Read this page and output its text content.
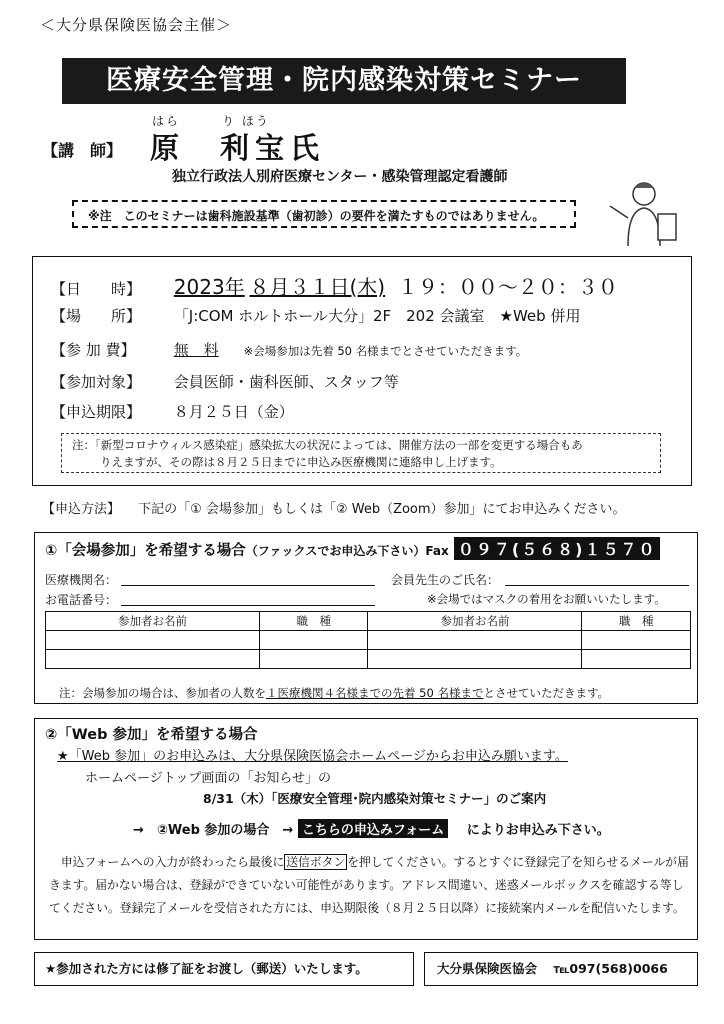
＜大分県保険医協会主催＞
医療安全管理・院内感染対策セミナー
はら	り ほう
【講　師】 原　利宝氏
独立行政法人別府医療センター・感染管理認定看護師
※注　このセミナーは歯科施設基準（歯初診）の要件を満たすものではありません。
【日　　時】 2023年 ８月３１日(木) １９：００～２０：３０
【場　　所】 「J:COM ホルトホール大分」2F　202 会議室　★Web 併用
【参 加 費】	無　料 ※会場参加は先着 50 名様までとさせていただきます。
【参加対象】 会員医師・歯科医師、スタッフ等
【申込期限】 ８月２５日（金）
注：「新型コロナウィルス感染症」感染拡大の状況によっては、開催方法の一部を変更する場合もあ
りえますが、その際は８月２５日までに申込み医療機関に連絡申し上げます。
【申込方法】 下記の「① 会場参加」もしくは「② Web（Zoom）参加」にてお申込みください。
①「会場参加」を希望する場合（ファックスでお申込み下さい）Fax ０９７(５６８)１５７０
医療機関名：	会員先生のご氏名：
お電話番号：	※会場ではマスクの着用をお願いいたします。
参加者お名前	職　種	参加者お名前	職　種

注：会場参加の場合は、参加者の人数を１医療機関４名様までの先着 50 名様までとさせていただきます。
②「Web 参加」を希望する場合
★「Web 参加」のお申込みは、大分県保険医協会ホームページからお申込み願います。
ホームページトップ画面の「お知らせ」の
8/31（木）「医療安全管理･院内感染対策セミナー」のご案内
→　②Web 参加の場合　→ こちらの申込みフォーム によりお申込み下さい。
　申込フォームへの入力が終わったら最後に 送信ボタン を押してください。するとすぐに登録完了を知らせるメールが届きます。届かない場合は、登録ができていない可能性があります。アドレス間違い、迷惑メールボックスを確認する等してください。登録完了メールを受信された方には、申込期限後（８月２５日以降）に接続案内メールを配信いたします。
★参加された方には修了証をお渡し（郵送）いたします。	大分県保険医協会 ℡097(568)0066
